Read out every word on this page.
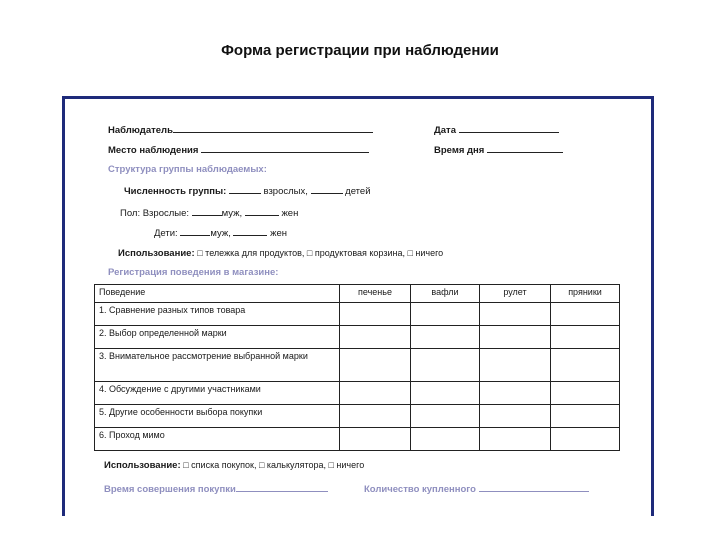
Форма регистрации при наблюдении
Наблюдатель	Дата
Место наблюдения	Время дня
Структура группы наблюдаемых:
Численность группы:	взрослых,	детей
Пол: Взрослые:	муж,	жен
Дети:	муж,	жен
Использование: □ тележка для продуктов, □ продуктовая корзина, □ ничего
Регистрация поведения в магазине:
Поведение	печенье	вафли	рулет	пряники
1. Сравнение разных типов товара				
2. Выбор определенной марки				
3. Внимательное рассмотрение выбранной марки				
4. Обсуждение с другими участниками				
5. Другие особенности выбора покупки				
6. Проход мимо				
Использование: □ списка покупок, □ калькулятора, □ ничего
Время совершения покупки	Количество купленного
